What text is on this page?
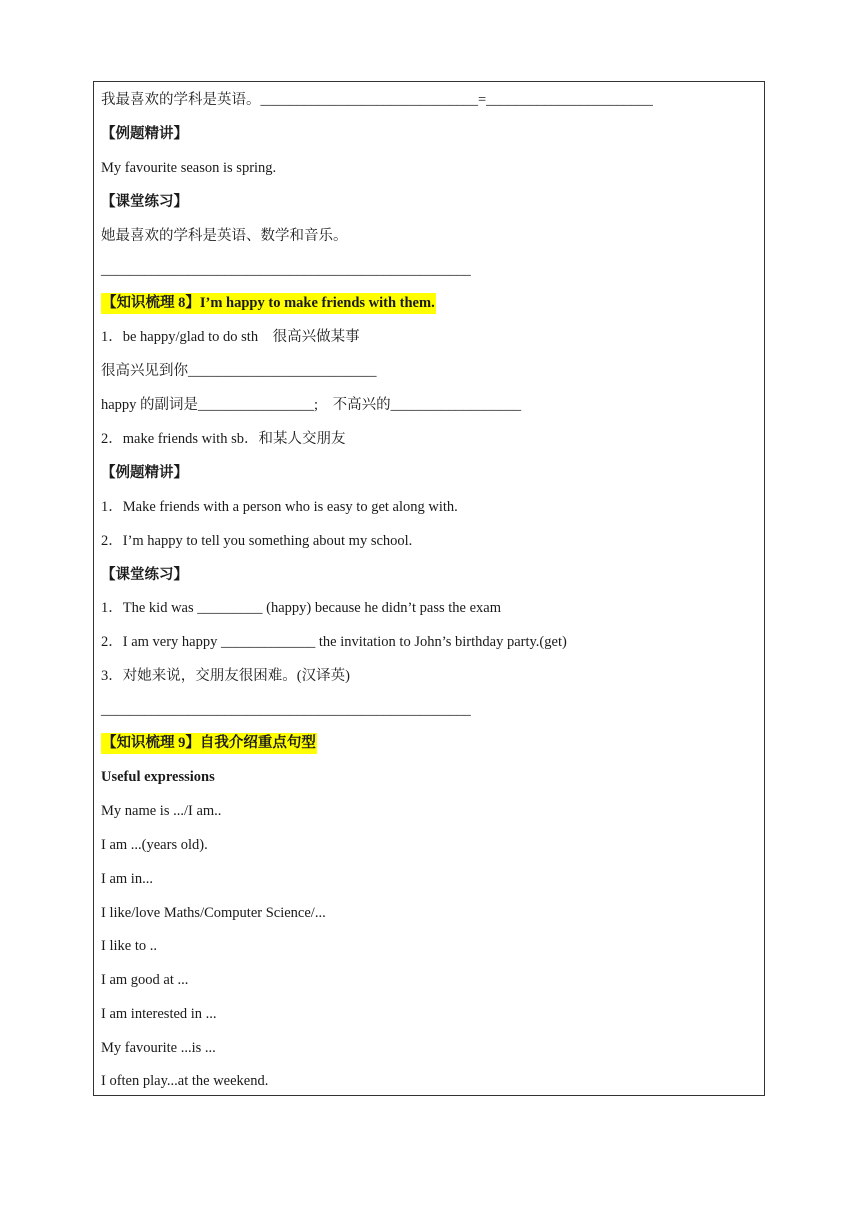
我最喜欢的学科是英语。______________________________=_______________________
【例题精讲】
My favourite season is spring.
【课堂练习】
她最喜欢的学科是英语、数学和音乐。
___________________________________________________
【知识梳理 8】I’m happy to make friends with them.
1．be happy/glad to do sth　很高兴做某事
很高兴见到你__________________________
happy 的副词是________________;　不高兴的__________________
2．make friends with sb．和某人交朋友
【例题精讲】
1．Make friends with a person who is easy to get along with.
2．I’m happy to tell you something about my school.
【课堂练习】
1．The kid was _________ (happy) because he didn’t pass the exam
2．I am very happy _____________ the invitation to John’s birthday party.(get)
3．对她来说，交朋友很困难。(汉译英)
___________________________________________________
【知识梳理 9】自我介绍重点句型
Useful expressions
My name is .../I am..
I am ...(years old).
I am in...
I like/love Maths/Computer Science/...
I like to ..
I am good at ...
I am interested in ...
My favourite ...is ...
I often play...at the weekend.
